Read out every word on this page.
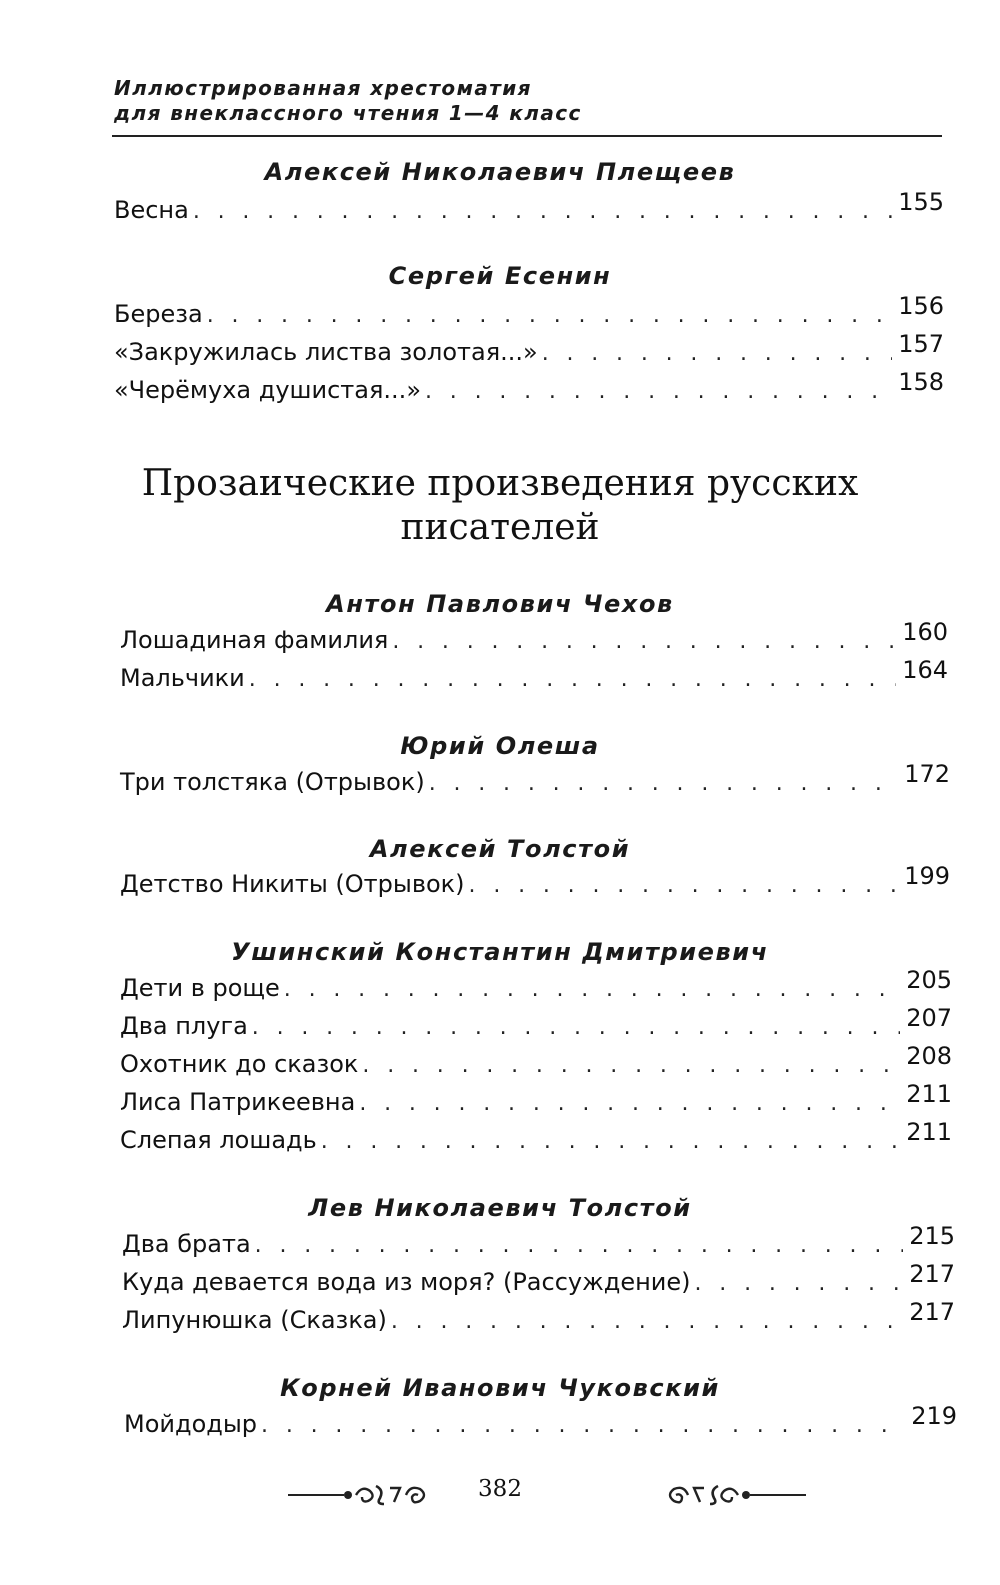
Иллюстрированная хрестоматия
для внеклассного чтения 1—4 класс
Алексей Николаевич Плещеев
Весна . . .	155
Сергей Есенин
Береза . . .	156
«Закружилась листва золотая...» . . .	157
«Черёмуха душистая...» . . .	158
Прозаические произведения русских
писателей
Антон Павлович Чехов
Лошадиная фамилия . . .	160
Мальчики . . .	164
Юрий Олеша
Три толстяка (Отрывок) . . .	172
Алексей Толстой
Детство Никиты (Отрывок) . . .	199
Ушинский Константин Дмитриевич
Дети в роще . . .	205
Два плуга . . .	207
Охотник до сказок . . .	208
Лиса Патрикеевна . . .	211
Слепая лошадь . . .	211
Лев Николаевич Толстой
Два брата . . .	215
Куда девается вода из моря? (Рассуждение) . . .	217
Липунюшка (Сказка) . . .	217
Корней Иванович Чуковский
Мойдодыр . . .	219
382
